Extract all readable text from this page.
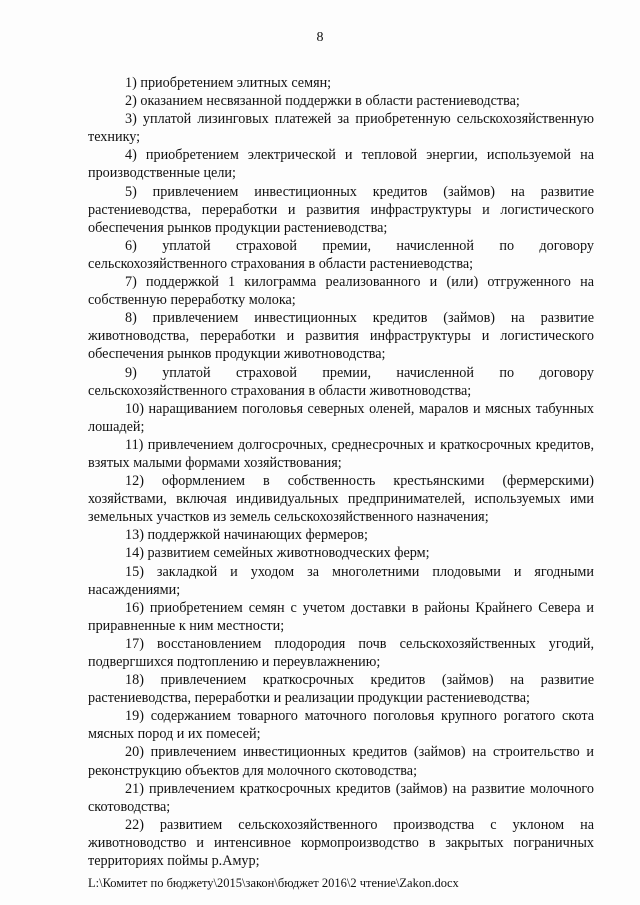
8

1) приобретением элитных семян;

2) оказанием несвязанной поддержки в области растениеводства;

3) уплатой лизинговых платежей за приобретенную сельскохозяйственную технику;

4) приобретением электрической и тепловой энергии, используемой на производственные цели;

5) привлечением инвестиционных кредитов (займов) на развитие растениеводства, переработки и развития инфраструктуры и логистического обеспечения рынков продукции растениеводства;

6) уплатой страховой премии, начисленной по договору сельскохозяйственного страхования в области растениеводства;

7) поддержкой 1 килограмма реализованного и (или) отгруженного на собственную переработку молока;

8) привлечением инвестиционных кредитов (займов) на развитие животноводства, переработки и развития инфраструктуры и логистического обеспечения рынков продукции животноводства;

9) уплатой страховой премии, начисленной по договору сельскохозяйственного страхования в области животноводства;

10) наращиванием поголовья северных оленей, маралов и мясных табунных лошадей;

11) привлечением долгосрочных, среднесрочных и краткосрочных кредитов, взятых малыми формами хозяйствования;

12) оформлением в собственность крестьянскими (фермерскими) хозяйствами, включая индивидуальных предпринимателей, используемых ими земельных участков из земель сельскохозяйственного назначения;

13) поддержкой начинающих фермеров;

14) развитием семейных животноводческих ферм;

15) закладкой и уходом за многолетними плодовыми и ягодными насаждениями;

16) приобретением семян с учетом доставки в районы Крайнего Севера и приравненные к ним местности;

17) восстановлением плодородия почв сельскохозяйственных угодий, подвергшихся подтоплению и переувлажнению;

18) привлечением краткосрочных кредитов (займов) на развитие растениеводства, переработки и реализации продукции растениеводства;

19) содержанием товарного маточного поголовья крупного рогатого скота мясных пород и их помесей;

20) привлечением инвестиционных кредитов (займов) на строительство и реконструкцию объектов для молочного скотоводства;

21) привлечением краткосрочных кредитов (займов) на развитие молочного скотоводства;

22) развитием сельскохозяйственного производства с уклоном на животноводство и интенсивное кормопроизводство в закрытых пограничных территориях поймы р.Амур;

L:\Комитет по бюджету\2015\закон\бюджет 2016\2 чтение\Zakon.docx
